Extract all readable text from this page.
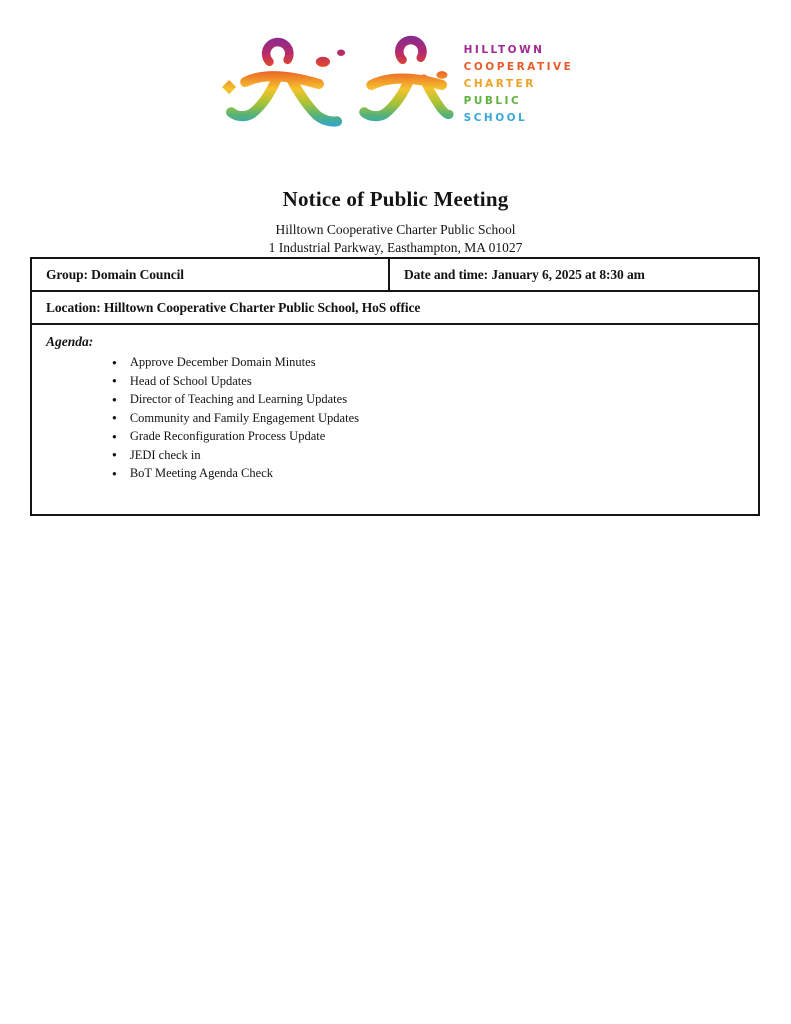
HILLTOWN
COOPERATIVE
CHARTER
PUBLIC
SCHOOL
Notice of Public Meeting
Hilltown Cooperative Charter Public School
1 Industrial Parkway, Easthampton, MA 01027
Group: Domain Council	Date and time: January 6, 2025 at 8:30 am
Location: Hilltown Cooperative Charter Public School, HoS office
Agenda:
● Approve December Domain Minutes
● Head of School Updates
● Director of Teaching and Learning Updates
● Community and Family Engagement Updates
● Grade Reconfiguration Process Update
● JEDI check in
● BoT Meeting Agenda Check
